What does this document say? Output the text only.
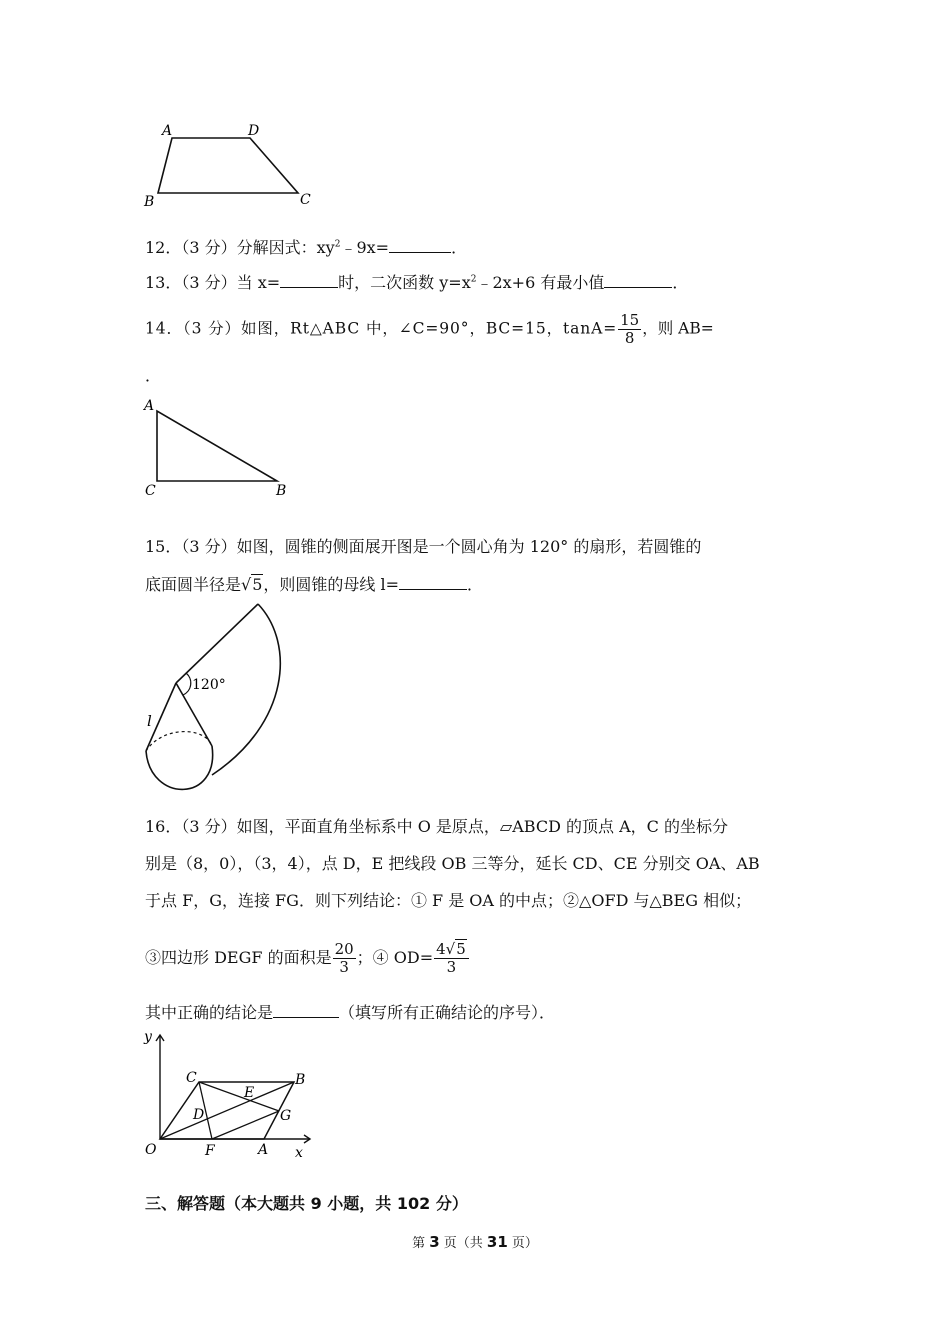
A	D
B	C
12．（3 分）分解因式：$xy^2﹣9x=$	．
13．（3 分）当 x=	时，二次函数 $y=x^2﹣2x+6$ 有最小值	．
14．（3 分）如图，Rt△ABC 中，∠C=90°，BC=15，$\tan A= \frac{15}{8}$ ，则 AB=
．
A
C	B
15．（3 分）如图，圆锥的侧面展开图是一个圆心角为 120° 的扇形，若圆锥的
底面圆半径是√5，则圆锥的母线 l=	．
120°
l
16．（3 分）如图，平面直角坐标系中 O 是原点，▱ABCD 的顶点 A，C 的坐标分
别是（8，0），（3，4），点 D，E 把线段 OB 三等分，延长 CD、CE 分别交 OA、AB
于点 F，G，连接 FG．则下列结论：① F 是 OA 的中点；②△OFD 与△BEG 相似；
③四边形 DEGF 的面积是 $\frac{20}{3}$ ；④ $OD= \frac{4√5}{3}$
其中正确的结论是	（填写所有正确结论的序号）．
y
x
O
C
E
B
D	G
F	A
三、解答题（本大题共 9 小题，共 102 分）
第 3 页（共 31 页）
